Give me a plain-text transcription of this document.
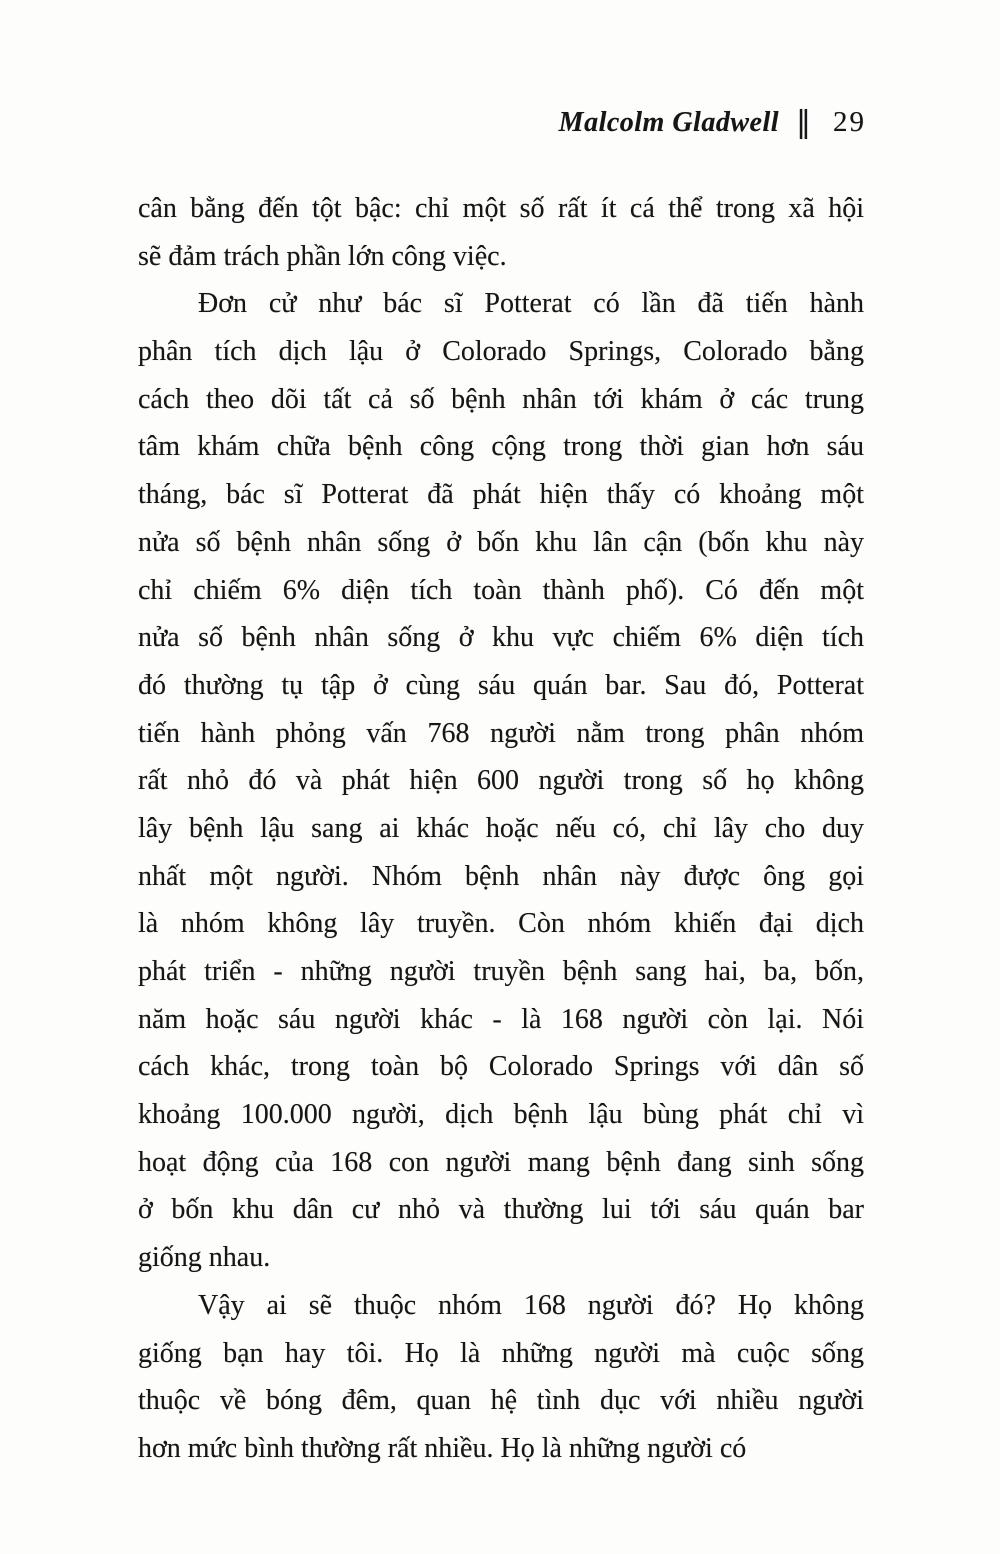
Malcolm Gladwell ‖ 29
cân bằng đến tột bậc: chỉ một số rất ít cá thể trong xã hội
sẽ đảm trách phần lớn công việc.
Đơn cử như bác sĩ Potterat có lần đã tiến hành
phân tích dịch lậu ở Colorado Springs, Colorado bằng
cách theo dõi tất cả số bệnh nhân tới khám ở các trung
tâm khám chữa bệnh công cộng trong thời gian hơn sáu
tháng, bác sĩ Potterat đã phát hiện thấy có khoảng một
nửa số bệnh nhân sống ở bốn khu lân cận (bốn khu này
chỉ chiếm 6% diện tích toàn thành phố). Có đến một
nửa số bệnh nhân sống ở khu vực chiếm 6% diện tích
đó thường tụ tập ở cùng sáu quán bar. Sau đó, Potterat
tiến hành phỏng vấn 768 người nằm trong phân nhóm
rất nhỏ đó và phát hiện 600 người trong số họ không
lây bệnh lậu sang ai khác hoặc nếu có, chỉ lây cho duy
nhất một người. Nhóm bệnh nhân này được ông gọi
là nhóm không lây truyền. Còn nhóm khiến đại dịch
phát triển - những người truyền bệnh sang hai, ba, bốn,
năm hoặc sáu người khác - là 168 người còn lại. Nói
cách khác, trong toàn bộ Colorado Springs với dân số
khoảng 100.000 người, dịch bệnh lậu bùng phát chỉ vì
hoạt động của 168 con người mang bệnh đang sinh sống
ở bốn khu dân cư nhỏ và thường lui tới sáu quán bar
giống nhau.
Vậy ai sẽ thuộc nhóm 168 người đó? Họ không
giống bạn hay tôi. Họ là những người mà cuộc sống
thuộc về bóng đêm, quan hệ tình dục với nhiều người
hơn mức bình thường rất nhiều. Họ là những người có
